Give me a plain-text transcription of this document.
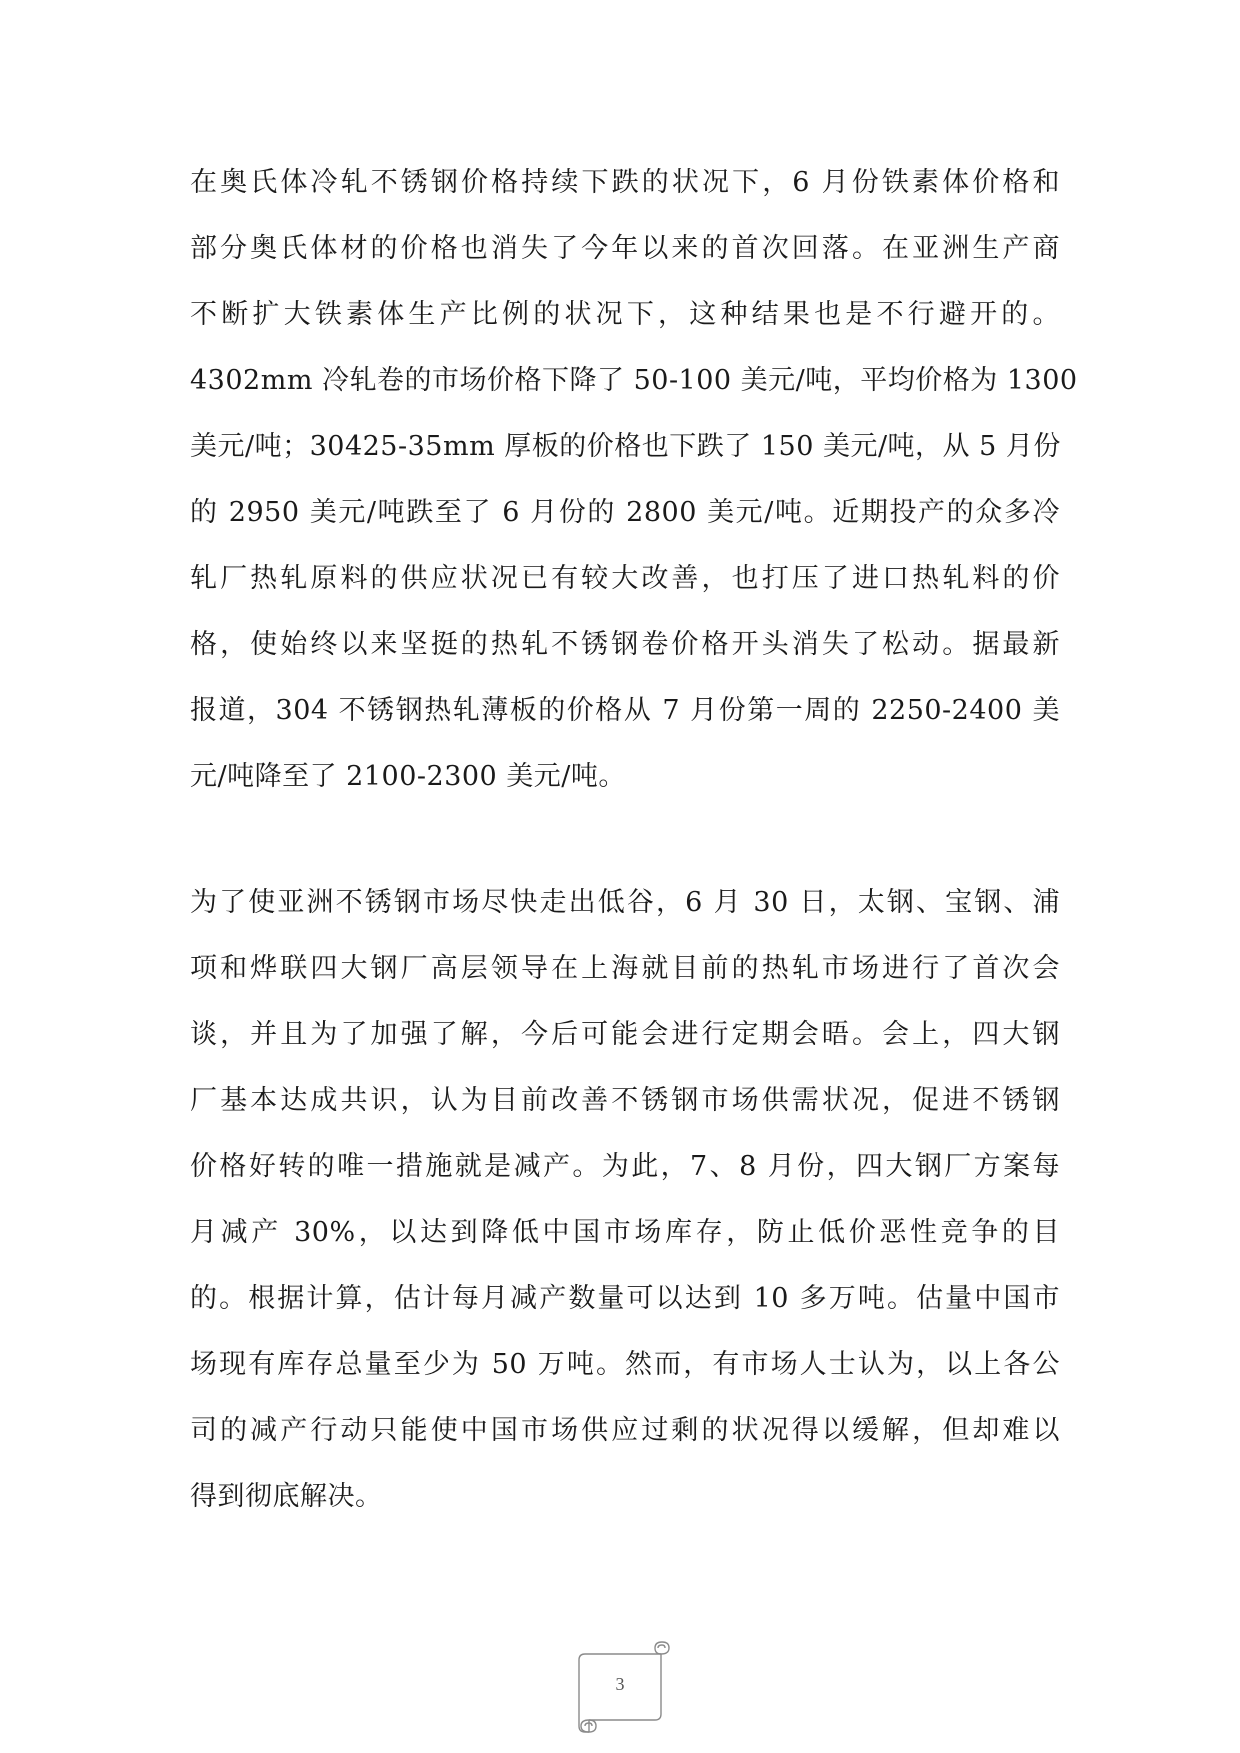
在奥氏体冷轧不锈钢价格持续下跌的状况下，6 月份铁素体价格和
部分奥氏体材的价格也消失了今年以来的首次回落。在亚洲生产商
不断扩大铁素体生产比例的状况下，这种结果也是不行避开的。
4302mm 冷轧卷的市场价格下降了 50-100 美元/吨，平均价格为 1300
美元/吨；30425-35mm 厚板的价格也下跌了 150 美元/吨，从 5 月份
的 2950 美元/吨跌至了 6 月份的 2800 美元/吨。近期投产的众多冷
轧厂热轧原料的供应状况已有较大改善，也打压了进口热轧料的价
格，使始终以来坚挺的热轧不锈钢卷价格开头消失了松动。据最新
报道，304 不锈钢热轧薄板的价格从 7 月份第一周的 2250-2400 美
元/吨降至了 2100-2300 美元/吨。
为了使亚洲不锈钢市场尽快走出低谷，6 月 30 日，太钢、宝钢、浦
项和烨联四大钢厂高层领导在上海就目前的热轧市场进行了首次会
谈，并且为了加强了解，今后可能会进行定期会晤。会上，四大钢
厂基本达成共识，认为目前改善不锈钢市场供需状况，促进不锈钢
价格好转的唯一措施就是减产。为此，7、8 月份，四大钢厂方案每
月减产 30%，以达到降低中国市场库存，防止低价恶性竞争的目
的。根据计算，估计每月减产数量可以达到 10 多万吨。估量中国市
场现有库存总量至少为 50 万吨。然而，有市场人士认为，以上各公
司的减产行动只能使中国市场供应过剩的状况得以缓解，但却难以
得到彻底解决。
3
